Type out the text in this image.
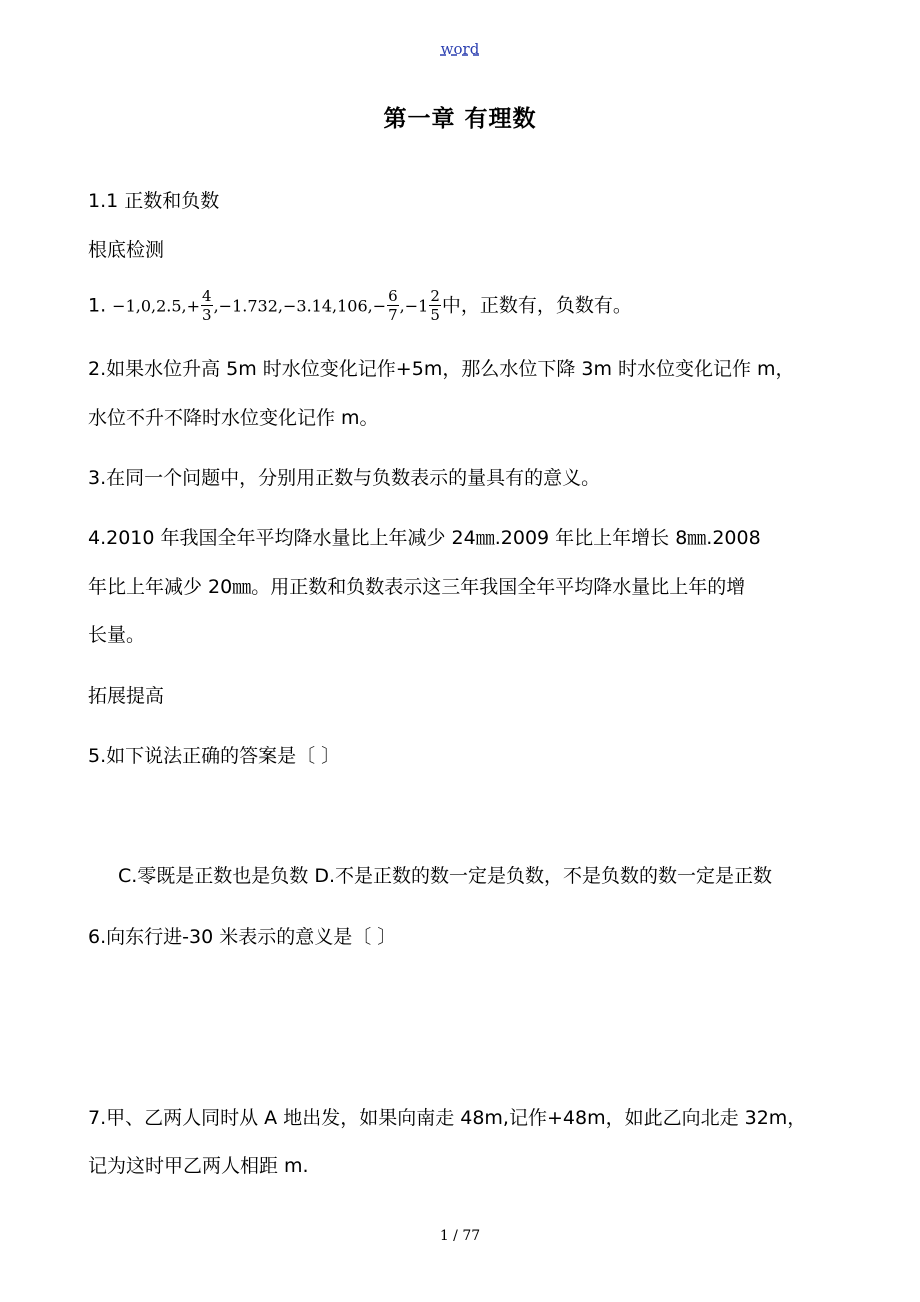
word
第一章 有理数
1.1 正数和负数
根底检测
1. $-1,0,2.5,+ \frac{4}{3} ,-1.732,-3.14,106,- \frac{6}{7} ,-1 \frac{2}{5}$ 中，正数有，负数有。
2.如果水位升高 5m 时水位变化记作+5m，那么水位下降 3m 时水位变化记作 m，
水位不升不降时水位变化记作 m。
3.在同一个问题中，分别用正数与负数表示的量具有的意义。
4.2010 年我国全年平均降水量比上年减少 24㎜.2009 年比上年增长 8㎜.2008
年比上年减少 20㎜。用正数和负数表示这三年我国全年平均降水量比上年的增
长量。
拓展提高
5.如下说法正确的答案是〔 〕
C.零既是正数也是负数 D.不是正数的数一定是负数，不是负数的数一定是正数
6.向东行进-30 米表示的意义是〔 〕
7.甲、乙两人同时从 A 地出发，如果向南走 48m,记作+48m，如此乙向北走 32m，
记为这时甲乙两人相距 m.
1 / 77
